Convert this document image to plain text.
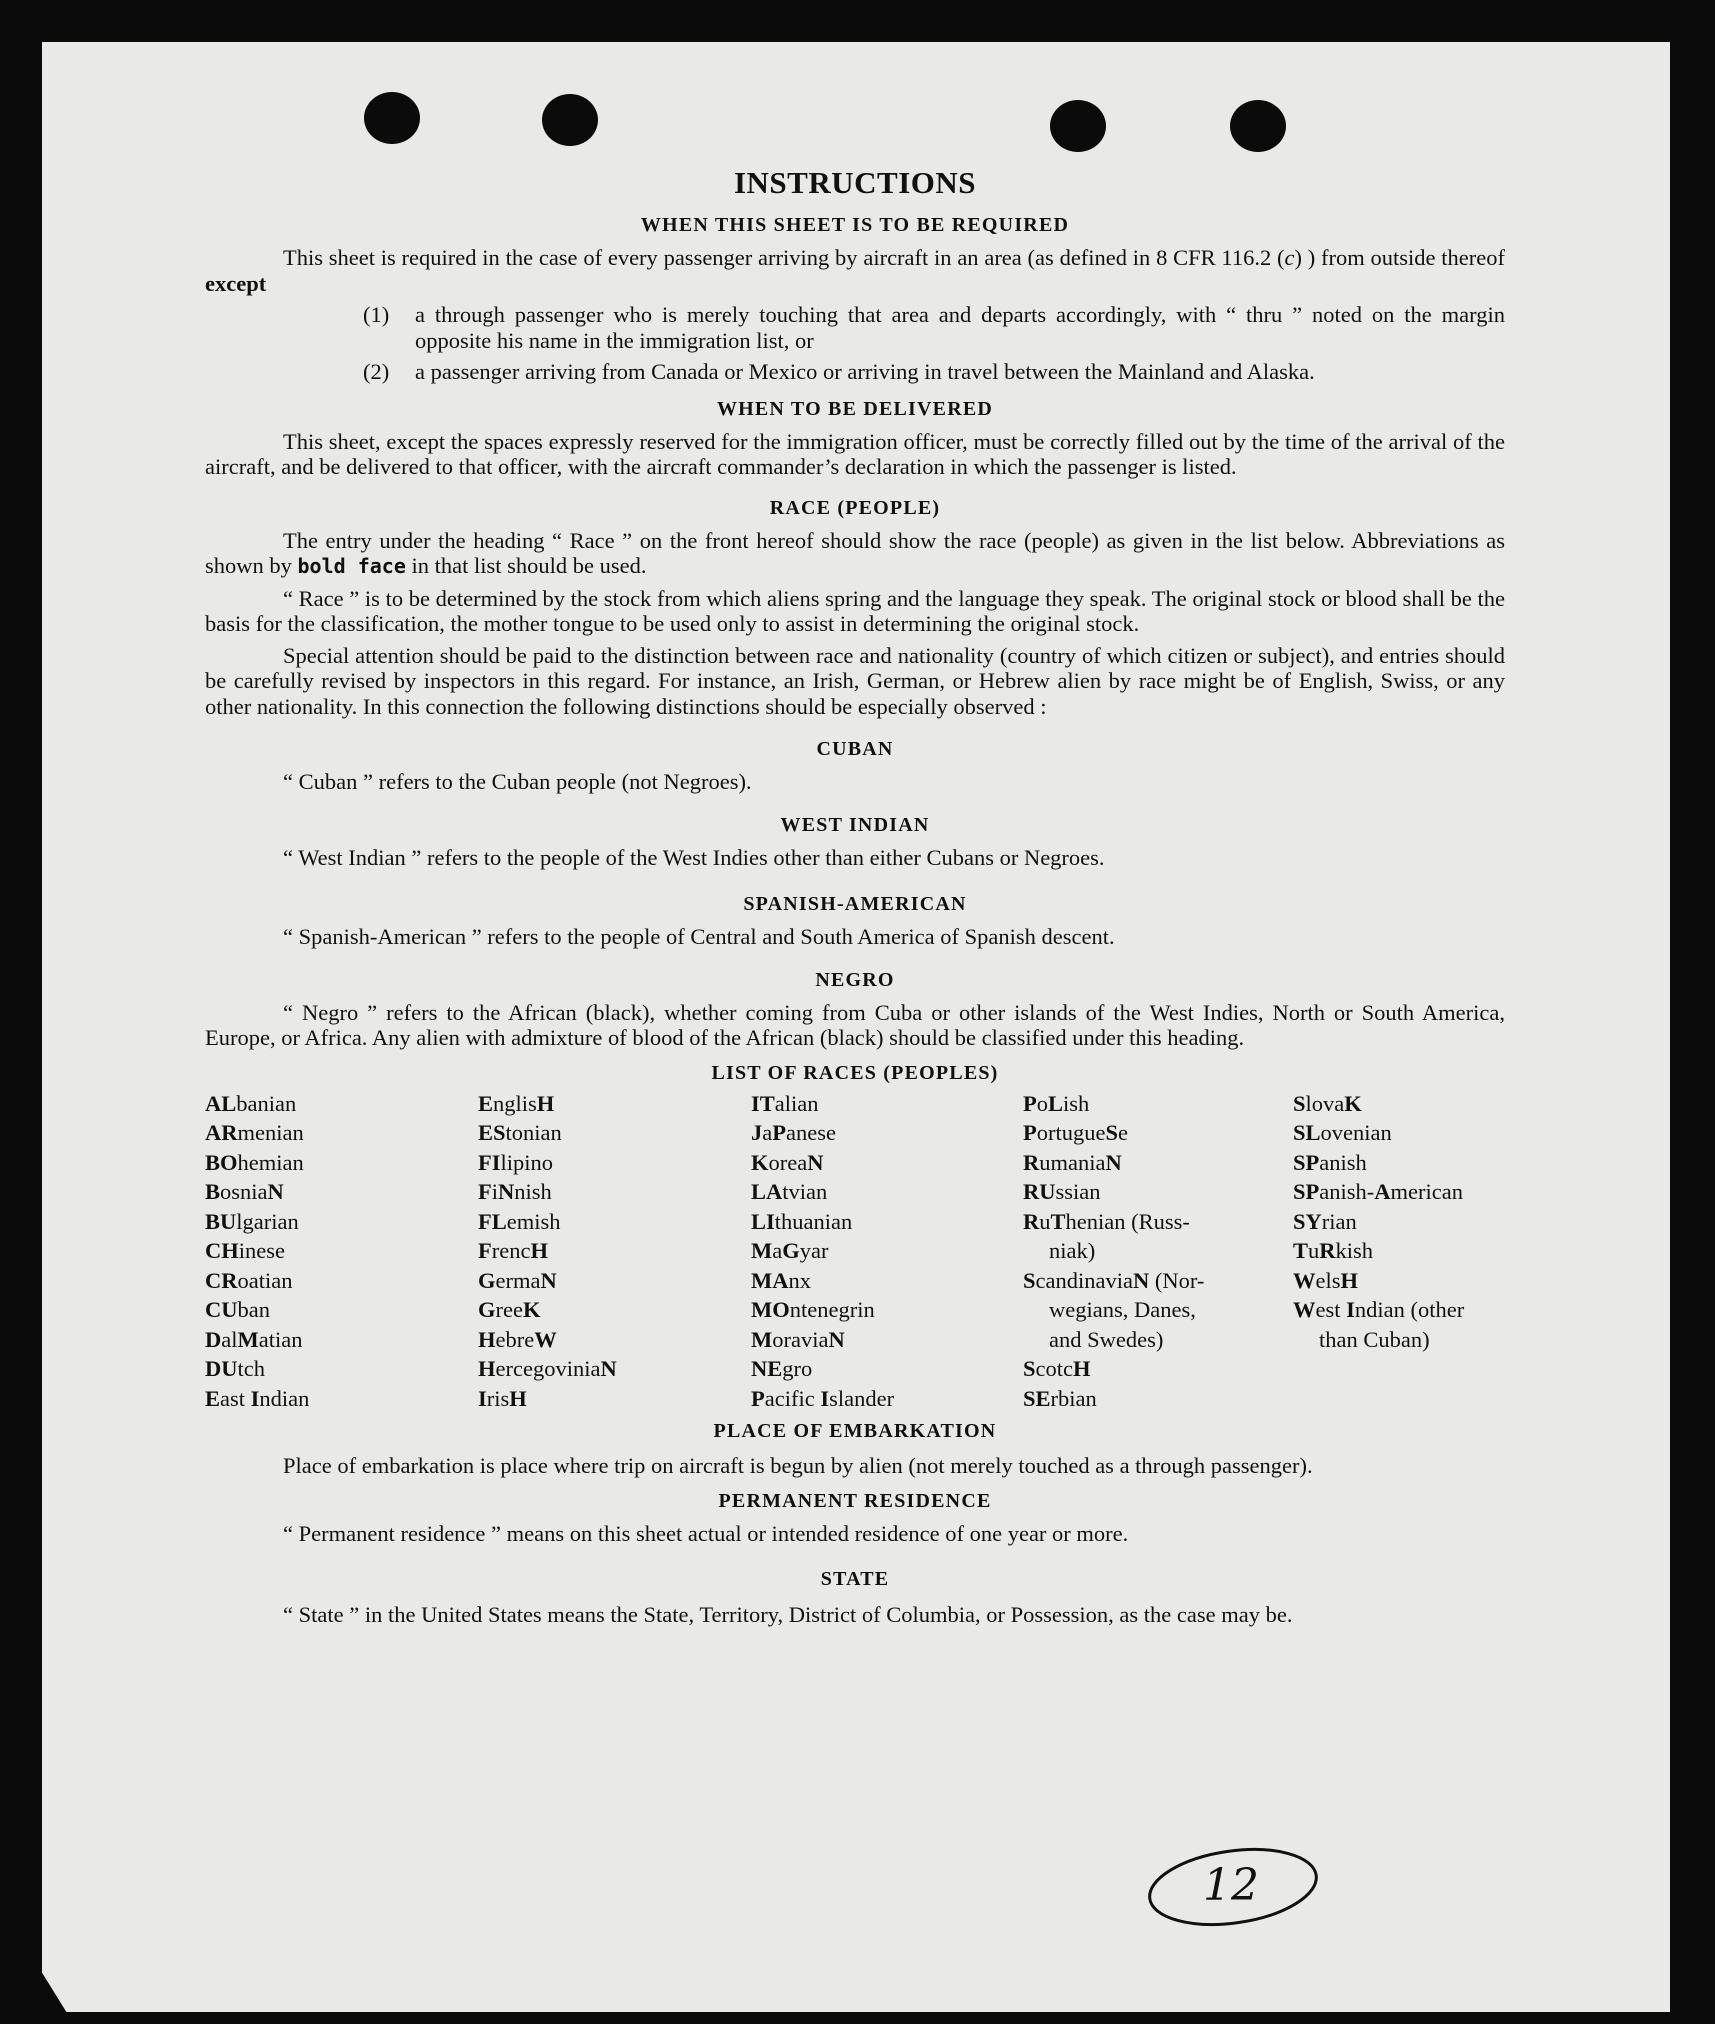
INSTRUCTIONS
WHEN THIS SHEET IS TO BE REQUIRED

This sheet is required in the case of every passenger arriving by aircraft in an area (as defined in 8 CFR 116.2 (c) ) from outside thereof except

(1)	a through passenger who is merely touching that area and departs accordingly, with “ thru ” noted on the margin opposite his name in the immigration list, or
(2)	a passenger arriving from Canada or Mexico or arriving in travel between the Mainland and Alaska.
WHEN TO BE DELIVERED

This sheet, except the spaces expressly reserved for the immigration officer, must be correctly filled out by the time of the arrival of the aircraft, and be delivered to that officer, with the aircraft commander’s declaration in which the passenger is listed.

RACE (PEOPLE)

The entry under the heading “ Race ” on the front hereof should show the race (people) as given in the list below. Abbreviations as shown by bold face in that list should be used.

“ Race ” is to be determined by the stock from which aliens spring and the language they speak. The original stock or blood shall be the basis for the classification, the mother tongue to be used only to assist in determining the original stock.

Special attention should be paid to the distinction between race and nationality (country of which citizen or subject), and entries should be carefully revised by inspectors in this regard. For instance, an Irish, German, or Hebrew alien by race might be of English, Swiss, or any other nationality. In this connection the following distinctions should be especially observed :

CUBAN

“ Cuban ” refers to the Cuban people (not Negroes).

WEST INDIAN

“ West Indian ” refers to the people of the West Indies other than either Cubans or Negroes.

SPANISH-AMERICAN

“ Spanish-American ” refers to the people of Central and South America of Spanish descent.

NEGRO

“ Negro ” refers to the African (black), whether coming from Cuba or other islands of the West Indies, North or South America, Europe, or Africa. Any alien with admixture of blood of the African (black) should be classified under this heading.

LIST OF RACES (PEOPLES)
ALbanian
ARmenian
BOhemian
BosniaN
BUlgarian
CHinese
CRoatian
CUban
DalMatian
DUtch
East Indian
EnglisH
EStonian
FIlipino
FiNnish
FLemish
FrencH
GermaN
GreeK
HebreW
HercegoviniaN
IrisH
ITalian
JaPanese
KoreaN
LAtvian
LIthuanian
MaGyar
MAnx
MOntenegrin
MoraviaN
NEgro
Pacific Islander
PoLish
PortugueSe
RumaniaN
RUssian
RuThenian (Russ-
niak)
ScandinaviaN (Nor-
wegians, Danes,
and Swedes)
ScotcH
SErbian
SlovaK
SLovenian
SPanish
SPanish-American
SYrian
TuRkish
WelsH
West Indian (other
than Cuban)
PLACE OF EMBARKATION

Place of embarkation is place where trip on aircraft is begun by alien (not merely touched as a through passenger).

PERMANENT RESIDENCE

“ Permanent residence ” means on this sheet actual or intended residence of one year or more.

STATE

“ State ” in the United States means the State, Territory, District of Columbia, or Possession, as the case may be.

12
